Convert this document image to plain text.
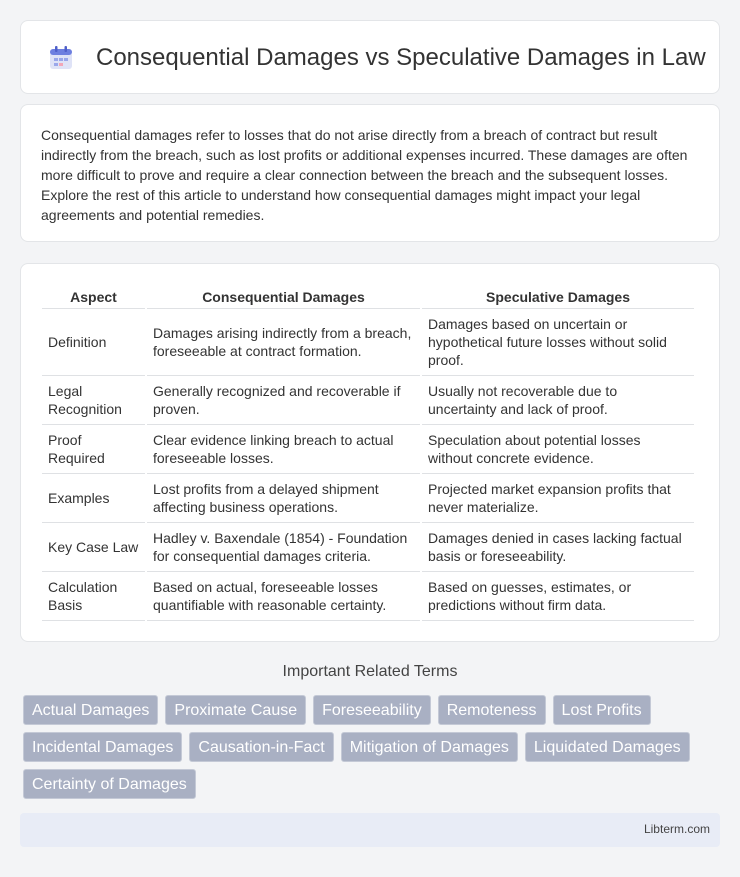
Consequential Damages vs Speculative Damages in Law

Consequential damages refer to losses that do not arise directly from a breach of contract but result indirectly from the breach, such as lost profits or additional expenses incurred. These damages are often more difficult to prove and require a clear connection between the breach and the subsequent losses. Explore the rest of this article to understand how consequential damages might impact your legal agreements and potential remedies.

Aspect	Consequential Damages	Speculative Damages
Definition	Damages arising indirectly from a breach, foreseeable at contract formation.	Damages based on uncertain or hypothetical future losses without solid proof.
Legal Recognition	Generally recognized and recoverable if proven.	Usually not recoverable due to uncertainty and lack of proof.
Proof Required	Clear evidence linking breach to actual foreseeable losses.	Speculation about potential losses without concrete evidence.
Examples	Lost profits from a delayed shipment affecting business operations.	Projected market expansion profits that never materialize.
Key Case Law	Hadley v. Baxendale (1854) - Foundation for consequential damages criteria.	Damages denied in cases lacking factual basis or foreseeability.
Calculation Basis	Based on actual, foreseeable losses quantifiable with reasonable certainty.	Based on guesses, estimates, or predictions without firm data.
Important Related Terms
Actual Damages	Proximate Cause	Foreseeability	Remoteness	Lost Profits
Incidental Damages	Causation-in-Fact	Mitigation of Damages	Liquidated Damages
Certainty of Damages
Libterm.com
